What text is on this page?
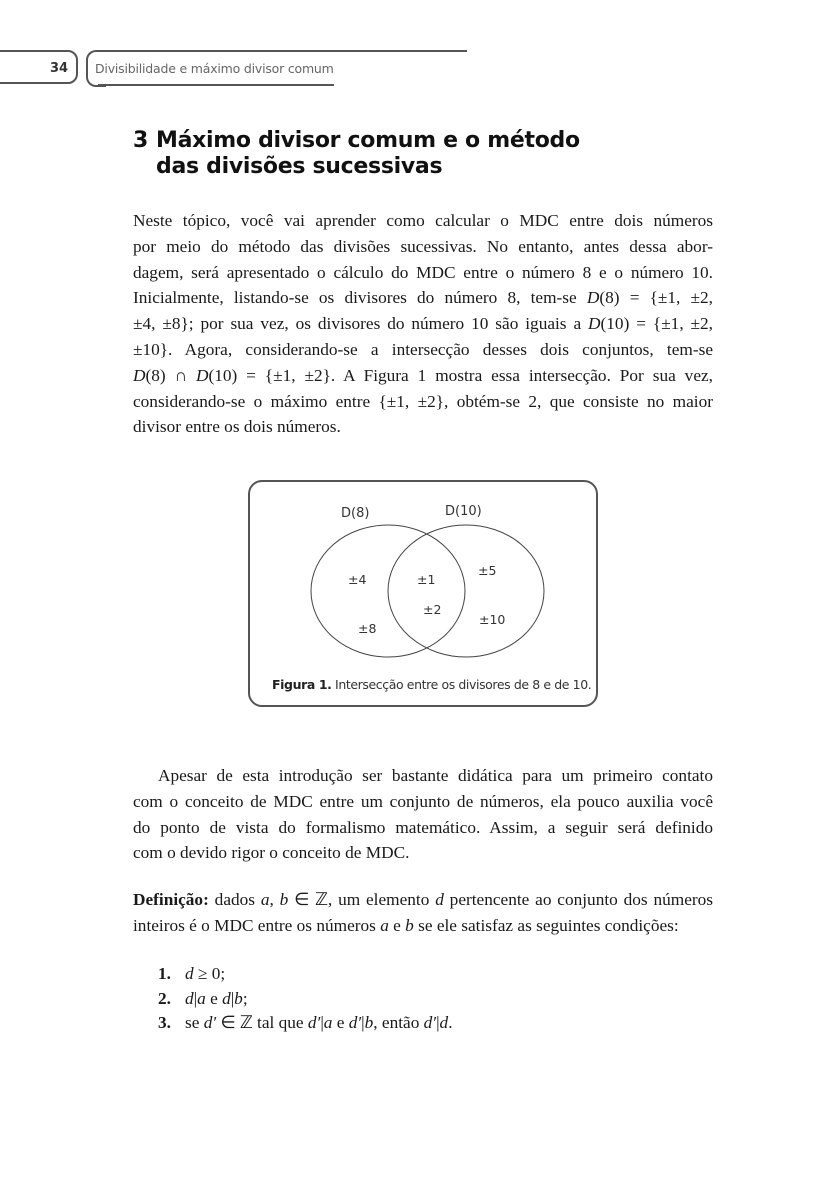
34 Divisibilidade e máximo divisor comum
3 Máximo divisor comum e o método
das divisões sucessivas
Neste tópico, você vai aprender como calcular o MDC entre dois números
por meio do método das divisões sucessivas. No entanto, antes dessa abor-
dagem, será apresentado o cálculo do MDC entre o número 8 e o número 10.
Inicialmente, listando-se os divisores do número 8, tem-se D(8) = {±1, ±2,
±4, ±8}; por sua vez, os divisores do número 10 são iguais a D(10) = {±1, ±2,
±10}. Agora, considerando-se a intersecção desses dois conjuntos, tem-se
D(8) ∩ D(10) = {±1, ±2}. A Figura 1 mostra essa intersecção. Por sua vez,
considerando-se o máximo entre {±1, ±2}, obtém-se 2, que consiste no maior
divisor entre os dois números.
D(8)	D(10)
±4
±8
±1
±2
±5
±10
Figura 1. Intersecção entre os divisores de 8 e de 10.
Apesar de esta introdução ser bastante didática para um primeiro contato
com o conceito de MDC entre um conjunto de números, ela pouco auxilia você
do ponto de vista do formalismo matemático. Assim, a seguir será definido
com o devido rigor o conceito de MDC.
Definição: dados a, b ∈ ℤ, um elemento d pertencente ao conjunto dos números
inteiros é o MDC entre os números a e b se ele satisfaz as seguintes condições:
1. d ≥ 0;
2. d|a e d|b;
3. se d′ ∈ ℤ tal que d′|a e d′|b, então d′|d.
